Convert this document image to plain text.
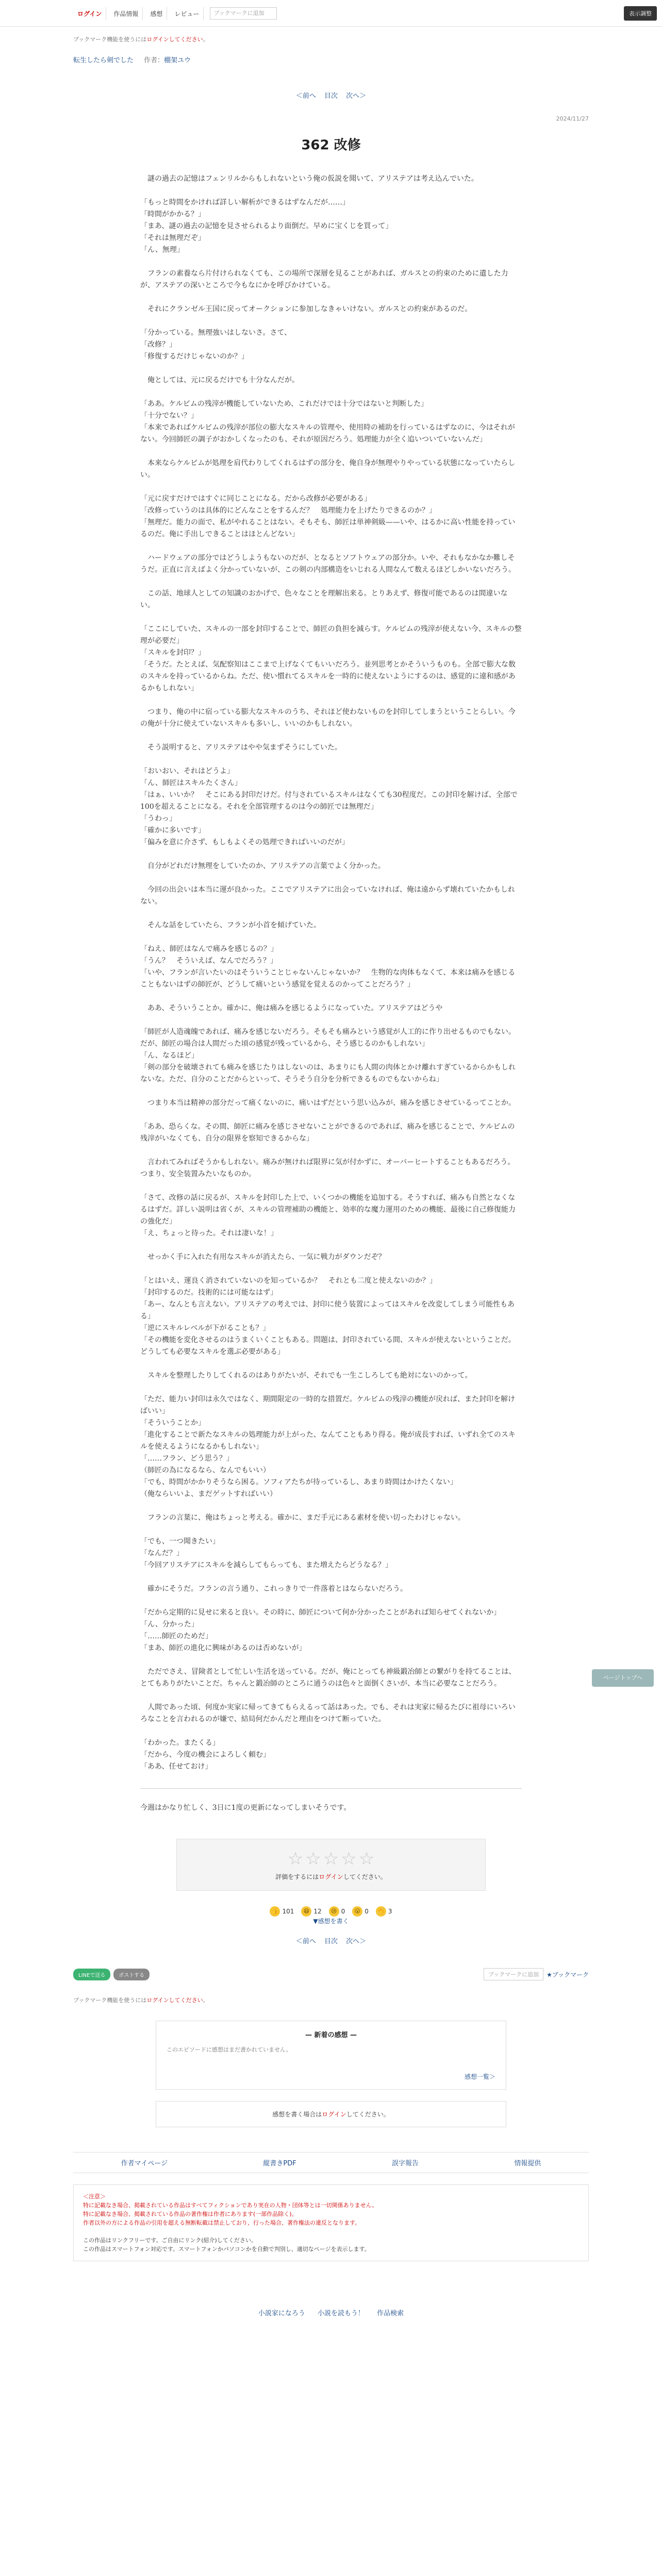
ログイン	作品情報	感想	レビュー	ブックマークに追加	表示調整
ブックマーク機能を使うにはログインしてください。
転生したら剣でした 作者：棚架ユウ
＜前へ 目次 次へ＞
2024/11/27
362 改修

　謎の過去の記憶はフェンリルからもしれないという俺の仮説を聞いて、アリステアは考え込んでいた。

「もっと時間をかければ詳しい解析ができるはずなんだが……」

「時間がかかる？」

「まあ、謎の過去の記憶を見させられるより面倒だ。早めに宝くじを買って」

「それは無理だぞ」

「ん、無理」

　フランの素養なら片付けられなくても、この場所で深層を見ることがあれば、ガルスとの約束のために遺した力が、アステアの深いところで今もなにかを呼びかけている。

　それにクランゼル王国に戻ってオークションに参加しなきゃいけない。ガルスとの約束があるのだ。

「分かっている。無理強いはしないさ。さて、

「改修？」

「修復するだけじゃないのか？」

　俺としては、元に戻るだけでも十分なんだが。

「ああ。ケルビムの残滓が機能していないため、これだけでは十分ではないと判断した」

「十分でない？」

「本来であればケルビムの残滓が部位の膨大なスキルの管理や、使用時の補助を行っているはずなのに、今はそれがない。今回師匠の調子がおかしくなったのも、それが原因だろう。処理能力が全く追いついていないんだ」

　本来ならケルビムが処理を肩代わりしてくれるはずの部分を、俺自身が無理やりやっている状態になっていたらしい。

「元に戻すだけではすぐに同じことになる。だから改修が必要がある」

「改修っていうのは具体的にどんなことをするんだ？　処理能力を上げたりできるのか？」

「無理だ。能力の面で、私がやれることはない。そもそも、師匠は単神剣級——いや、はるかに高い性能を持っているのだ。俺に手出しできることはほとんどない」

　ハードウェアの部分ではどうしようもないのだが、となるとソフトウェアの部分か。いや、それもなかなか難しそうだ。正直に言えばよく分かっていないが、この剣の内部構造をいじれる人間なんて数えるほどしかいないだろう。

　この話、地球人としての知識のおかげで、色々なことを理解出来る。とりあえず、修復可能であるのは間違いない。

「ここにしていた、スキルの一部を封印することで、師匠の負担を減らす。ケルビムの残滓が使えない今、スキルの整理が必要だ」

「スキルを封印？」

「そうだ。たとえば、気配察知はここまで上げなくてもいいだろう。並列思考とかそういうものも。全部で膨大な数のスキルを持っているからね。ただ、使い慣れてるスキルを一時的に使えないようにするのは、感覚的に違和感があるかもしれない」

　つまり、俺の中に宿っている膨大なスキルのうち、それほど使わないものを封印してしまうということらしい。今の俺が十分に使えていないスキルも多いし、いいのかもしれない。

　そう説明すると、アリステアはやや気まずそうにしていた。

「おいおい、それはどうよ」

「ん、師匠はスキルたくさん」

「はぁ、いいか？　そこにある封印だけだ。付与されているスキルはなくても30程度だ。この封印を解けば、全部で100を超えることになる。それを全部管理するのは今の師匠では無理だ」

「うわっ」

「確かに多いです」

「偏みを意に介さず、もしもよくその処理できればいいのだが」

　自分がどれだけ無理をしていたのか、アリステアの言葉でよく分かった。

　今回の出会いは本当に運が良かった。ここでアリステアに出会っていなければ、俺は遠からず壊れていたかもしれない。

　そんな話をしていたら、フランが小首を傾げていた。

「ねえ、師匠はなんで痛みを感じるの？」

「うん？　そういえば、なんでだろう？」

「いや、フランが言いたいのはそういうことじゃないんじゃないか？　生物的な肉体もなくて、本来は痛みを感じることもないはずの師匠が、どうして痛いという感覚を覚えるのかってことだろう？」

　ああ、そういうことか。確かに、俺は痛みを感じるようになっていた。アリステアはどうや

「師匠が人造魂魄であれば、痛みを感じないだろう。そもそも痛みという感覚が人工的に作り出せるものでもない。だが、師匠の場合は人間だった頃の感覚が残っているから、そう感じるのかもしれない」

「ん、なるほど」

「剣の部分を破壊されても痛みを感じたりはしないのは、あまりにも人間の肉体とかけ離れすぎているからかもしれないな。ただ、自分のことだからといって、そうそう自分を分析できるものでもないからね」

　つまり本当は精神の部分だって痛くないのに、痛いはずだという思い込みが、痛みを感じさせているってことか。

「ああ、恐らくな。その間、師匠に痛みを感じさせないことができるのであれば、痛みを感じることで、ケルビムの残滓がいなくても、自分の限界を察知できるからな」

　言われてみればそうかもしれない。痛みが無ければ限界に気が付かずに、オーバーヒートすることもあるだろう。つまり、安全装置みたいなものか。

「さて、改修の話に戻るが、スキルを封印した上で、いくつかの機能を追加する。そうすれば、痛みも自然となくなるはずだ。詳しい説明は省くが、スキルの管理補助の機能と、効率的な魔力運用のための機能、最後に自己修復能力の強化だ」

「え、ちょっと待った。それは凄いな！」

　せっかく手に入れた有用なスキルが消えたら、一気に戦力がダウンだぞ？

「とはいえ、運良く消されていないのを知っているか？　それとも二度と使えないのか？」

「封印するのだ。技術的には可能なはず」

「あー、なんとも言えない。アリステアの考えでは、封印に使う装置によってはスキルを改変してしまう可能性もある」

「逆にスキルレベルが下がることも？」

「その機能を変化させるのはうまくいくこともある。問題は、封印されている間、スキルが使えないということだ。どうしても必要なスキルを選ぶ必要がある」

　スキルを整理したりしてくれるのはありがたいが、それでも一生こしろしても絶対にないのかって。

「ただ、能力い封印は永久ではなく、期間限定の一時的な措置だ。ケルビムの残滓の機能が戻れば、また封印を解けばいい」

「そういうことか」

「進化することで新たなスキルの処理能力が上がった、なんてこともあり得る。俺が成長すれば、いずれ全てのスキルを使えるようになるかもしれない」

「……フラン、どう思う？」

（師匠の為になるなら、なんでもいい）

「でも、時間がかかりそうなら困る。ソフィアたちが待っているし、あまり時間はかけたくない」

（俺ならいいよ、まだゲットすればいい）

　フランの言葉に、俺はちょっと考える。確かに、まだ手元にある素材を使い切ったわけじゃない。

「でも、一つ聞きたい」

「なんだ？」

「今回アリステアにスキルを減らしてもらっても、また増えたらどうなる？」

　確かにそうだ。フランの言う通り、これっきりで一件落着とはならないだろう。

「だから定期的に見せに来ると良い。その時に、師匠について何か分かったことがあれば知らせてくれないか」

「ん、分かった」

「……師匠のためだ」

「まあ、師匠の進化に興味があるのは否めないが」

　ただでさえ、冒険者として忙しい生活を送っている。だが、俺にとっても神級鍛冶師との繋がりを持てることは、とてもありがたいことだ。ちゃんと鍛冶師のところに通うのは色々と面倒くさいが、本当に必要なことだろう。

　人間であった頃、何度か実家に帰ってきてもらえるって話はあった。でも、それは実家に帰るたびに祖母にいろいろなことを言われるのが嫌で、結局何だかんだと理由をつけて断っていた。

「わかった。またくる」

「だから、今度の機会によろしく頼む」

「ああ、任せておけ」

今週はかなり忙しく、3日に1度の更新になってしまいそうです。
☆ ☆ ☆ ☆ ☆
評価をするにはログインしてください。
👍 101	😄 12	😢 0	😮 0 👏 3
▼感想を書く
＜前へ 目次 次へ＞
LINEで送る	ポストする	ブックマークに追加	★ブックマーク
ブックマーク機能を使うにはログインしてください。
— 新着の感想 —
このエピソードに感想はまだ書かれていません。
感想一覧＞
感想を書く場合はログインしてください。
作者マイページ	縦書きPDF	誤字報告	情報提供
＜注意＞
特に記載なき場合、掲載されている作品はすべてフィクションであり実在の人物・団体等とは一切関係ありません。
特に記載なき場合、掲載されている作品の著作権は作者にあります(一部作品除く)。
作者以外の方による作品の引用を超える無断転載は禁止しており、行った場合、著作権法の違反となります。
この作品はリンクフリーです。ご自由にリンク(紹介)してください。
この作品はスマートフォン対応です。スマートフォンかパソコンかを自動で判別し、適切なページを表示します。
小説家になろう 小説を読もう！ 作品検索
ページトップへ
